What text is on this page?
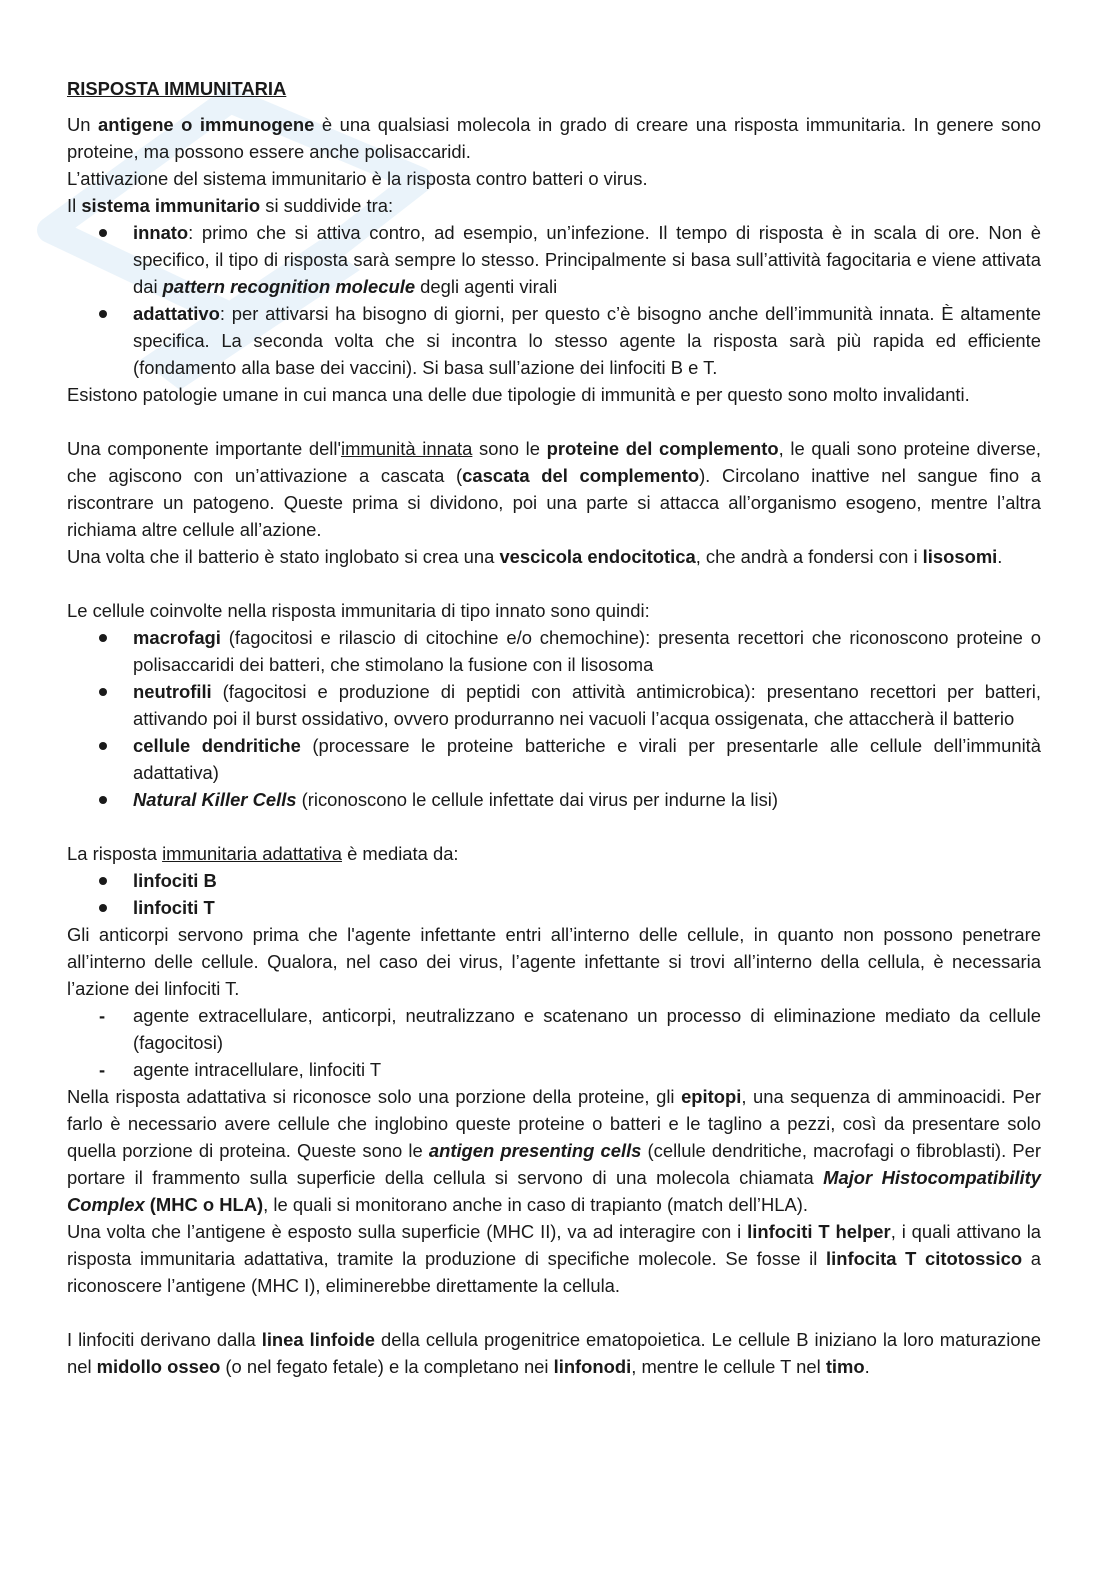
RISPOSTA IMMUNITARIA

Un antigene o immunogene è una qualsiasi molecola in grado di creare una risposta immunitaria. In genere sono proteine, ma possono essere anche polisaccaridi.

L’attivazione del sistema immunitario è la risposta contro batteri o virus.

Il sistema immunitario si suddivide tra:

innato: primo che si attiva contro, ad esempio, un’infezione. Il tempo di risposta è in scala di ore. Non è specifico, il tipo di risposta sarà sempre lo stesso. Principalmente si basa sull’attività fagocitaria e viene attivata dai pattern recognition molecule degli agenti virali
adattativo: per attivarsi ha bisogno di giorni, per questo c’è bisogno anche dell’immunità innata. È altamente specifica. La seconda volta che si incontra lo stesso agente la risposta sarà più rapida ed efficiente (fondamento alla base dei vaccini). Si basa sull’azione dei linfociti B e T.

Esistono patologie umane in cui manca una delle due tipologie di immunità e per questo sono molto invalidanti.

Una componente importante dell'immunità innata sono le proteine del complemento, le quali sono proteine diverse, che agiscono con un’attivazione a cascata (cascata del complemento). Circolano inattive nel sangue fino a riscontrare un patogeno. Queste prima si dividono, poi una parte si attacca all’organismo esogeno, mentre l’altra richiama altre cellule all’azione.

Una volta che il batterio è stato inglobato si crea una vescicola endocitotica, che andrà a fondersi con i lisosomi.

Le cellule coinvolte nella risposta immunitaria di tipo innato sono quindi:

macrofagi (fagocitosi e rilascio di citochine e/o chemochine): presenta recettori che riconoscono proteine o polisaccaridi dei batteri, che stimolano la fusione con il lisosoma
neutrofili (fagocitosi e produzione di peptidi con attività antimicrobica): presentano recettori per batteri, attivando poi il burst ossidativo, ovvero produrranno nei vacuoli l’acqua ossigenata, che attaccherà il batterio
cellule dendritiche (processare le proteine batteriche e virali per presentarle alle cellule dell’immunità adattativa)
Natural Killer Cells (riconoscono le cellule infettate dai virus per indurne la lisi)

La risposta immunitaria adattativa è mediata da:

linfociti B
linfociti T

Gli anticorpi servono prima che l'agente infettante entri all’interno delle cellule, in quanto non possono penetrare all’interno delle cellule. Qualora, nel caso dei virus, l’agente infettante si trovi all’interno della cellula, è necessaria l’azione dei linfociti T.

- agente extracellulare, anticorpi, neutralizzano e scatenano un processo di eliminazione mediato da cellule (fagocitosi)
- agente intracellulare, linfociti T

Nella risposta adattativa si riconosce solo una porzione della proteine, gli epitopi, una sequenza di amminoacidi. Per farlo è necessario avere cellule che inglobino queste proteine o batteri e le taglino a pezzi, così da presentare solo quella porzione di proteina. Queste sono le antigen presenting cells (cellule dendritiche, macrofagi o fibroblasti). Per portare il frammento sulla superficie della cellula si servono di una molecola chiamata Major Histocompatibility Complex (MHC o HLA), le quali si monitorano anche in caso di trapianto (match dell’HLA).

Una volta che l’antigene è esposto sulla superficie (MHC II), va ad interagire con i linfociti T helper, i quali attivano la risposta immunitaria adattativa, tramite la produzione di specifiche molecole. Se fosse il linfocita T citotossico a riconoscere l’antigene (MHC I), eliminerebbe direttamente la cellula.

I linfociti derivano dalla linea linfoide della cellula progenitrice ematopoietica. Le cellule B iniziano la loro maturazione nel midollo osseo (o nel fegato fetale) e la completano nei linfonodi, mentre le cellule T nel timo.
